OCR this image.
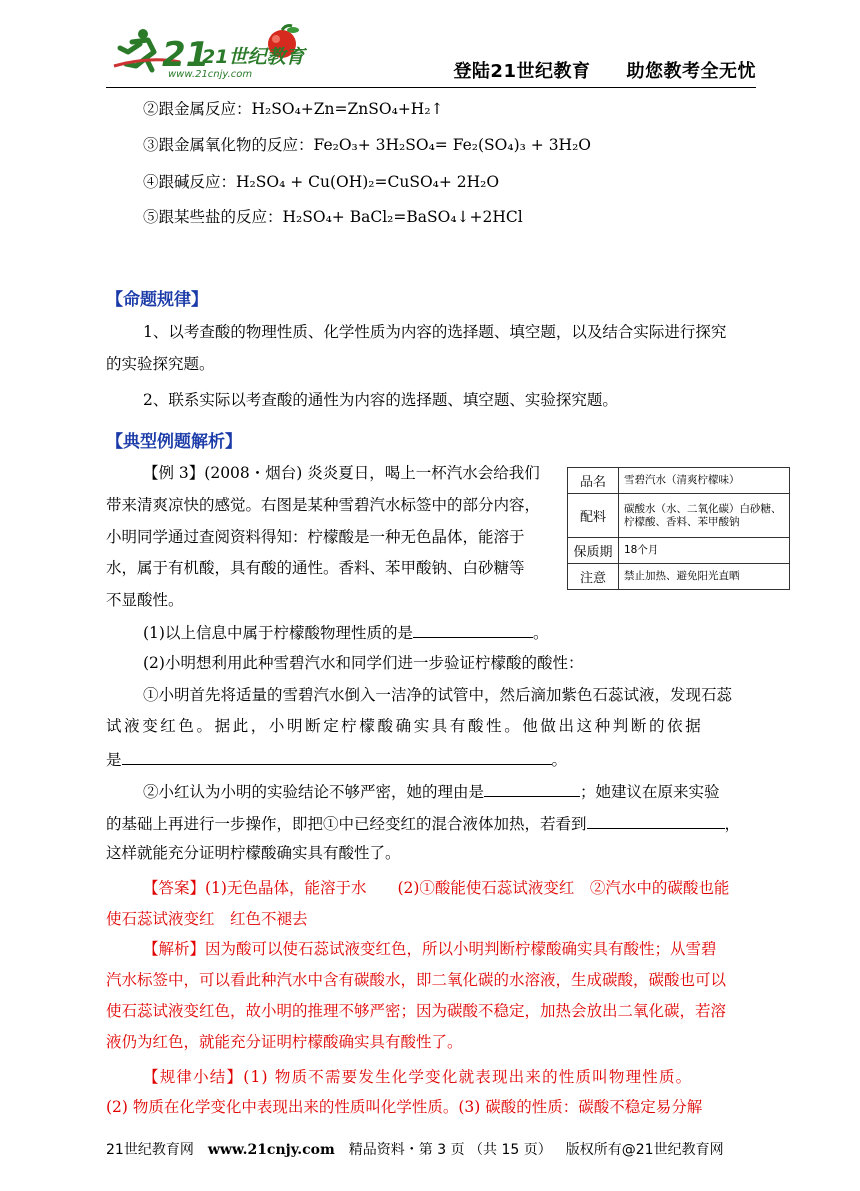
21
21世纪教育
www.21cnjy.com	登陆21世纪教育 助您教考全无忧
②跟金属反应：H₂SO₄+Zn=ZnSO₄+H₂↑
③跟金属氧化物的反应：Fe₂O₃+ 3H₂SO₄= Fe₂(SO₄)₃ + 3H₂O
④跟碱反应：H₂SO₄ + Cu(OH)₂=CuSO₄+ 2H₂O
⑤跟某些盐的反应：H₂SO₄+ BaCl₂=BaSO₄↓+2HCl
【命题规律】
1、以考查酸的物理性质、化学性质为内容的选择题、填空题，以及结合实际进行探究
的实验探究题。
2、联系实际以考查酸的通性为内容的选择题、填空题、实验探究题。
【典型例题解析】
【例 3】(2008・烟台) 炎炎夏日，喝上一杯汽水会给我们
带来清爽凉快的感觉。右图是某种雪碧汽水标签中的部分内容，
小明同学通过查阅资料得知：柠檬酸是一种无色晶体，能溶于
水，属于有机酸，具有酸的通性。香料、苯甲酸钠、白砂糖等
不显酸性。
品名	雪碧汽水（清爽柠檬味）
配料	碳酸水（水、二氧化碳）白砂糖、柠檬酸、香料、苯甲酸钠
保质期	18个月
注意	禁止加热、避免阳光直晒
(1)以上信息中属于柠檬酸物理性质的是	。
(2)小明想利用此种雪碧汽水和同学们进一步验证柠檬酸的酸性：
①小明首先将适量的雪碧汽水倒入一洁净的试管中，然后滴加紫色石蕊试液，发现石蕊
试液变红色。据此，小明断定柠檬酸确实具有酸性。他做出这种判断的依据
是	。
②小红认为小明的实验结论不够严密，她的理由是	；她建议在原来实验
的基础上再进行一步操作，即把①中已经变红的混合液体加热，若看到	，
这样就能充分证明柠檬酸确实具有酸性了。
【答案】(1)无色晶体，能溶于水　　(2)①酸能使石蕊试液变红　②汽水中的碳酸也能
使石蕊试液变红　红色不褪去
【解析】因为酸可以使石蕊试液变红色，所以小明判断柠檬酸确实具有酸性；从雪碧
汽水标签中，可以看此种汽水中含有碳酸水，即二氧化碳的水溶液，生成碳酸，碳酸也可以
使石蕊试液变红色，故小明的推理不够严密；因为碳酸不稳定，加热会放出二氧化碳，若溶
液仍为红色，就能充分证明柠檬酸确实具有酸性了。
【规律小结】(1) 物质不需要发生化学变化就表现出来的性质叫物理性质。
(2) 物质在化学变化中表现出来的性质叫化学性质。(3) 碳酸的性质：碳酸不稳定易分解
21世纪教育网 www.21cnjy.com 精品资料・第 3 页 （共 15 页） 版权所有@21世纪教育网
